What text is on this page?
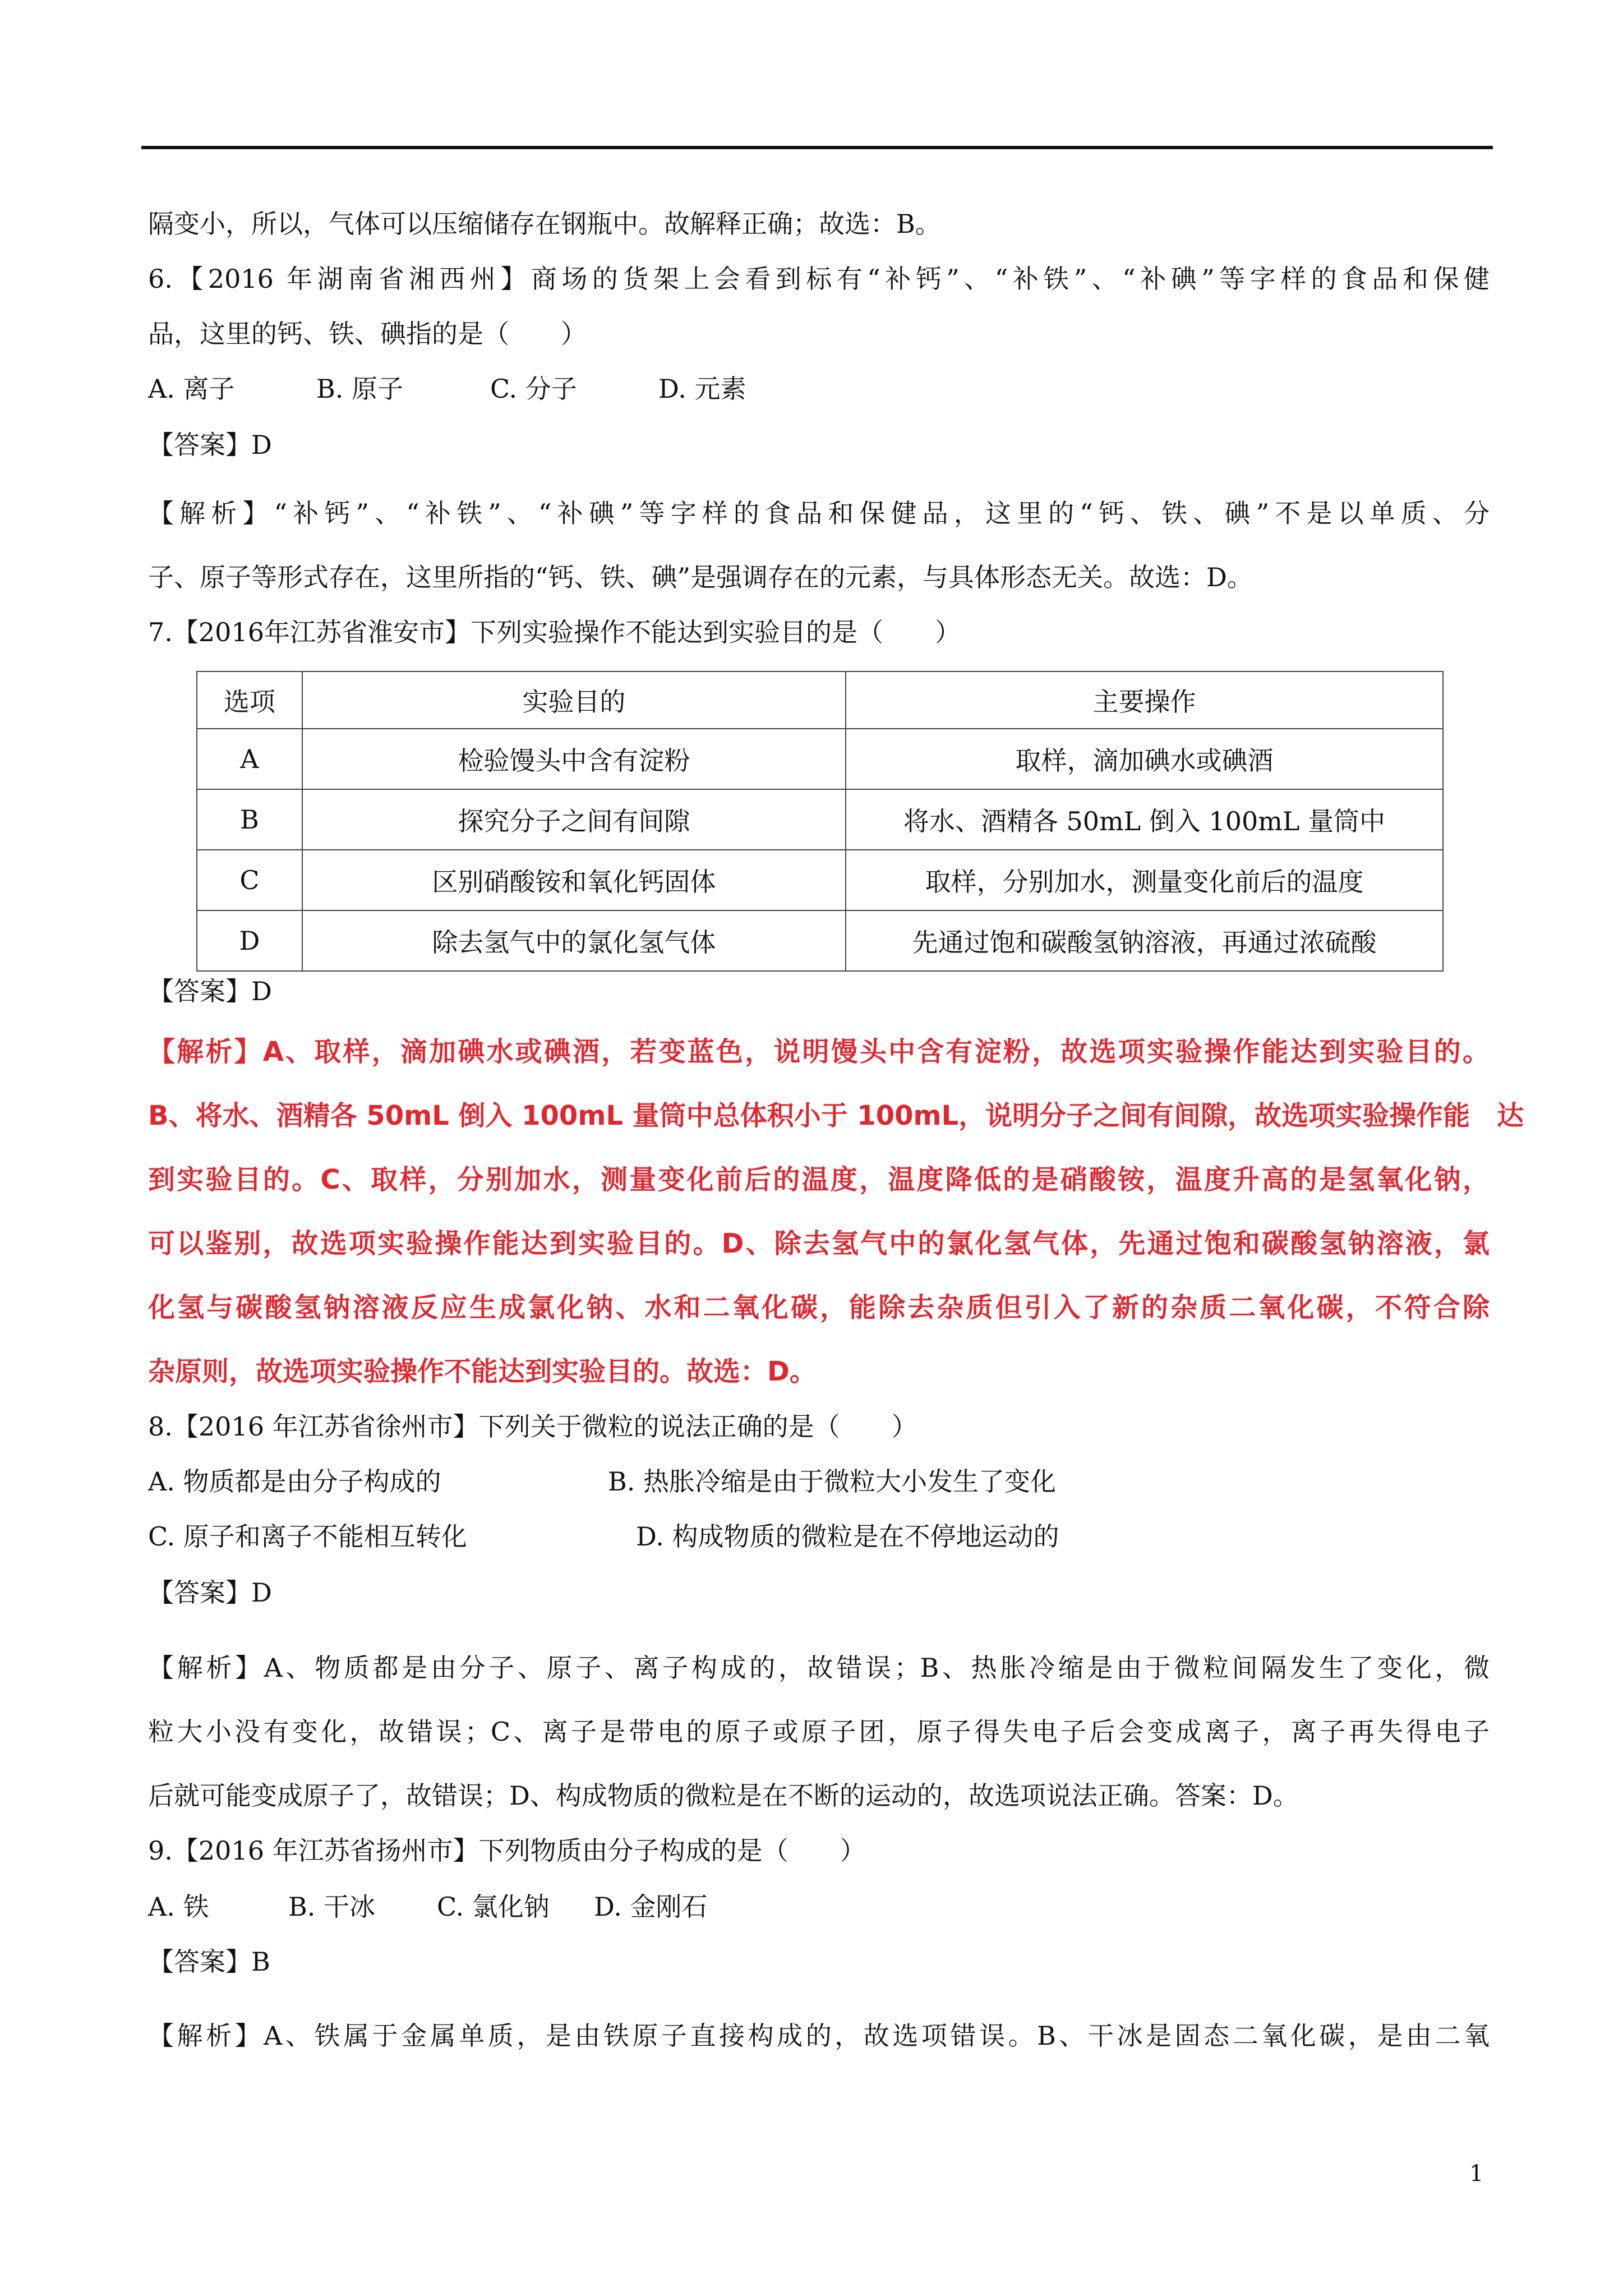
隔变小，所以，气体可以压缩储存在钢瓶中。故解释正确；故选：B。
6.【2016 年湖南省湘西州】商场的货架上会看到标有“补钙”、“补铁”、“补碘”等字样的食品和保健
品，这里的钙、铁、碘指的是（　　）
A. 离子	B. 原子	C. 分子	D. 元素
【答案】D
【解析】“补钙”、“补铁”、“补碘”等字样的食品和保健品，这里的“钙、铁、碘”不是以单质、分
子、原子等形式存在，这里所指的“钙、铁、碘”是强调存在的元素，与具体形态无关。故选：D。
7.【2016年江苏省淮安市】下列实验操作不能达到实验目的是（　　）
选项	实验目的	主要操作
A	检验馒头中含有淀粉	取样，滴加碘水或碘酒
B	探究分子之间有间隙	将水、酒精各 50mL 倒入 100mL 量筒中
C	区别硝酸铵和氧化钙固体	取样，分别加水，测量变化前后的温度
D	除去氢气中的氯化氢气体	先通过饱和碳酸氢钠溶液，再通过浓硫酸
【答案】D
【解析】A、取样，滴加碘水或碘酒，若变蓝色，说明馒头中含有淀粉，故选项实验操作能达到实验目的。
B、将水、酒精各 50mL 倒入 100mL 量筒中总体积小于 100mL，说明分子之间有间隙，故选项实验操作能　达
到实验目的。C、取样，分别加水，测量变化前后的温度，温度降低的是硝酸铵，温度升高的是氢氧化钠，
可以鉴别，故选项实验操作能达到实验目的。D、除去氢气中的氯化氢气体，先通过饱和碳酸氢钠溶液，氯
化氢与碳酸氢钠溶液反应生成氯化钠、水和二氧化碳，能除去杂质但引入了新的杂质二氧化碳，不符合除
杂原则，故选项实验操作不能达到实验目的。故选：D。
8.【2016 年江苏省徐州市】下列关于微粒的说法正确的是（　　）
A. 物质都是由分子构成的	B. 热胀冷缩是由于微粒大小发生了变化
C. 原子和离子不能相互转化	D. 构成物质的微粒是在不停地运动的
【答案】D
【解析】A、物质都是由分子、原子、离子构成的，故错误；B、热胀冷缩是由于微粒间隔发生了变化，微
粒大小没有变化，故错误；C、离子是带电的原子或原子团，原子得失电子后会变成离子，离子再失得电子
后就可能变成原子了，故错误；D、构成物质的微粒是在不断的运动的，故选项说法正确。答案：D。
9.【2016 年江苏省扬州市】下列物质由分子构成的是（　　）
A. 铁	B. 干冰 C. 氯化钠 D. 金刚石
【答案】B
【解析】A、铁属于金属单质，是由铁原子直接构成的，故选项错误。B、干冰是固态二氧化碳，是由二氧
1
